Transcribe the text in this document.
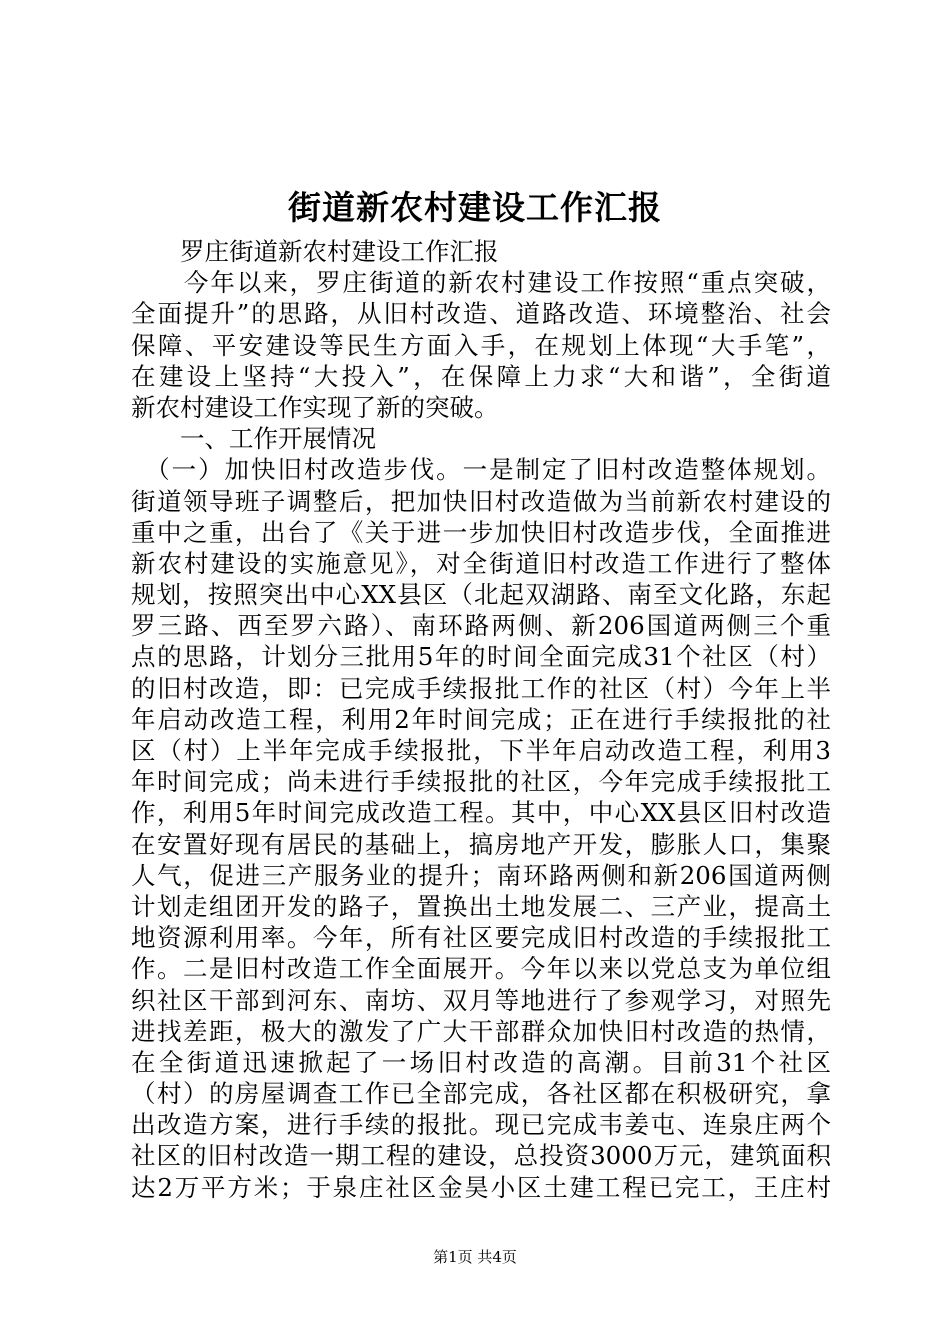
街道新农村建设工作汇报
　　罗庄街道新农村建设工作汇报
　　今年以来，罗庄街道的新农村建设工作按照“重点突破，
全面提升”的思路，从旧村改造、道路改造、环境整治、社会
保障、平安建设等民生方面入手，在规划上体现“大手笔”，
在建设上坚持“大投入”，在保障上力求“大和谐”，全街道
新农村建设工作实现了新的突破。
　　一、工作开展情况
　（一）加快旧村改造步伐。一是制定了旧村改造整体规划。
街道领导班子调整后，把加快旧村改造做为当前新农村建设的
重中之重，出台了《关于进一步加快旧村改造步伐，全面推进
新农村建设的实施意见》，对全街道旧村改造工作进行了整体
规划，按照突出中心XX县区（北起双湖路、南至文化路，东起
罗三路、西至罗六路）、南环路两侧、新206国道两侧三个重
点的思路，计划分三批用5年的时间全面完成31个社区（村）
的旧村改造，即：已完成手续报批工作的社区（村）今年上半
年启动改造工程，利用2年时间完成；正在进行手续报批的社
区（村）上半年完成手续报批，下半年启动改造工程，利用3
年时间完成；尚未进行手续报批的社区，今年完成手续报批工
作，利用5年时间完成改造工程。其中，中心XX县区旧村改造
在安置好现有居民的基础上，搞房地产开发，膨胀人口，集聚
人气，促进三产服务业的提升；南环路两侧和新206国道两侧
计划走组团开发的路子，置换出土地发展二、三产业，提高土
地资源利用率。今年，所有社区要完成旧村改造的手续报批工
作。二是旧村改造工作全面展开。今年以来以党总支为单位组
织社区干部到河东、南坊、双月等地进行了参观学习，对照先
进找差距，极大的激发了广大干部群众加快旧村改造的热情，
在全街道迅速掀起了一场旧村改造的高潮。目前31个社区
（村）的房屋调查工作已全部完成，各社区都在积极研究，拿
出改造方案，进行手续的报批。现已完成韦姜屯、连泉庄两个
社区的旧村改造一期工程的建设，总投资3000万元，建筑面积
达2万平方米；于泉庄社区金昊小区土建工程已完工，王庄村
第1页 共4页
